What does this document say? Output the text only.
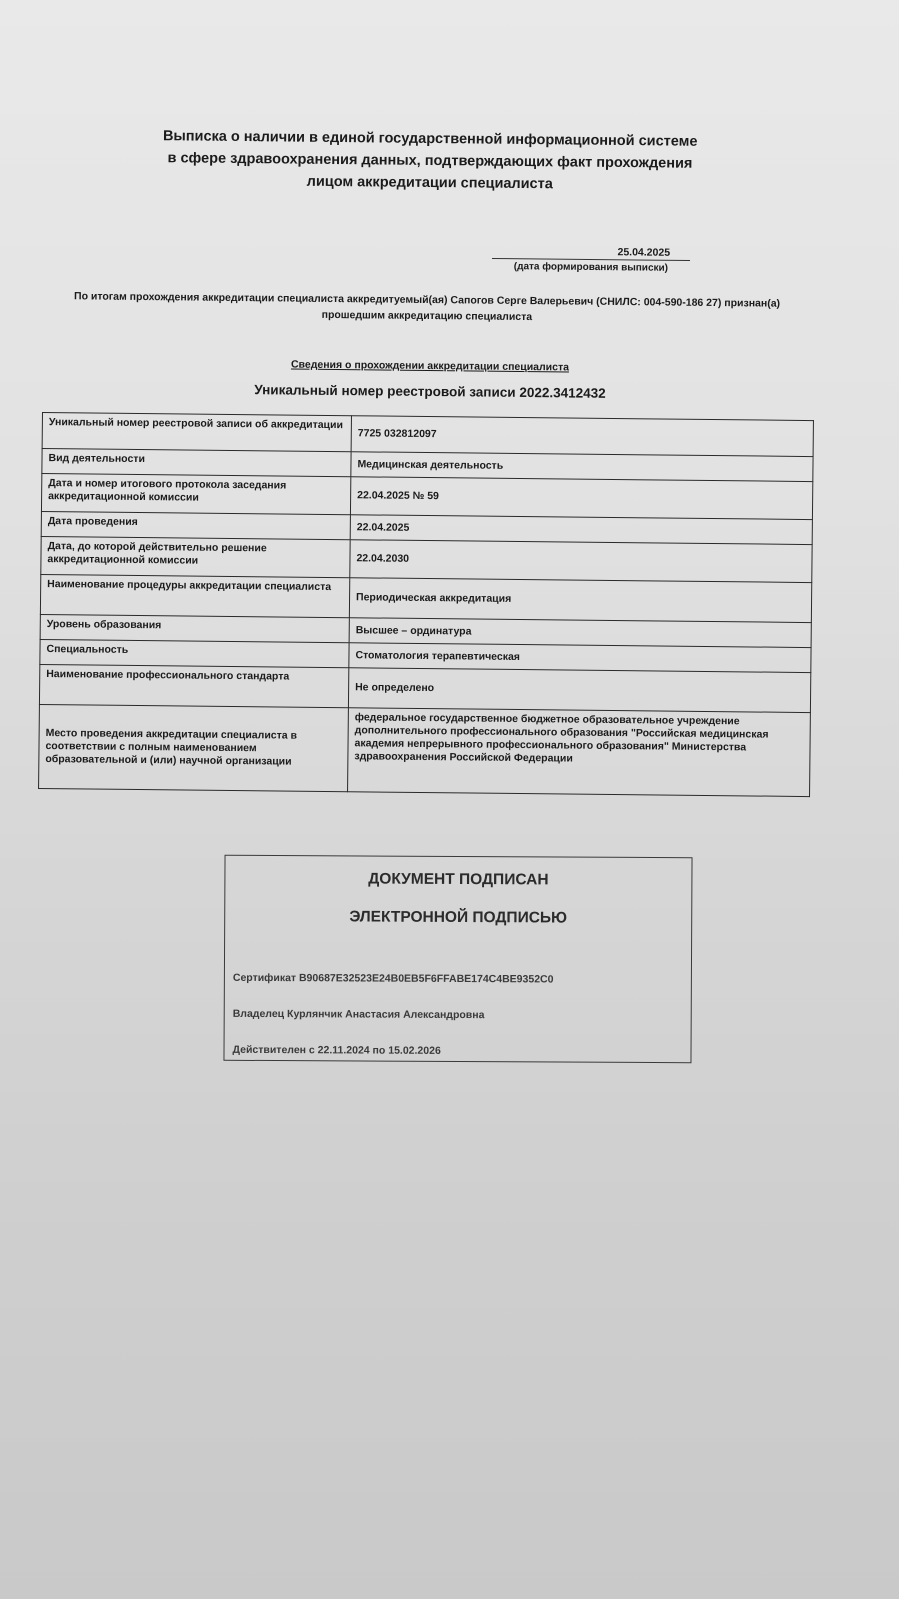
Выписка о наличии в единой государственной информационной системе в сфере здравоохранения данных, подтверждающих факт прохождения лицом аккредитации специалиста
25.04.2025
(дата формирования выписки)
По итогам прохождения аккредитации специалиста аккредитуемый(ая) Сапогов Серге Валерьевич (СНИЛС: 004-590-186 27) признан(а) прошедшим аккредитацию специалиста
Сведения о прохождении аккредитации специалиста
Уникальный номер реестровой записи 2022.3412432
Уникальный номер реестровой записи об аккредитации	7725 032812097
Вид деятельности	Медицинская деятельность
Дата и номер итогового протокола заседания аккредитационной комиссии	22.04.2025 № 59
Дата проведения	22.04.2025
Дата, до которой действительно решение аккредитационной комиссии	22.04.2030
Наименование процедуры аккредитации специалиста	Периодическая аккредитация
Уровень образования	Высшее – ординатура
Специальность	Стоматология терапевтическая
Наименование профессионального стандарта	Не определено
Место проведения аккредитации специалиста в соответствии с полным наименованием образовательной и (или) научной организации	федеральное государственное бюджетное образовательное учреждение дополнительного профессионального образования "Российская медицинская академия непрерывного профессионального образования" Министерства здравоохранения Российской Федерации
ДОКУМЕНТ ПОДПИСАН
ЭЛЕКТРОННОЙ ПОДПИСЬЮ
Сертификат B90687E32523E24B0EB5F6FFABE174C4BE9352C0
Владелец Курлянчик Анастасия Александровна
Действителен с 22.11.2024 по 15.02.2026
